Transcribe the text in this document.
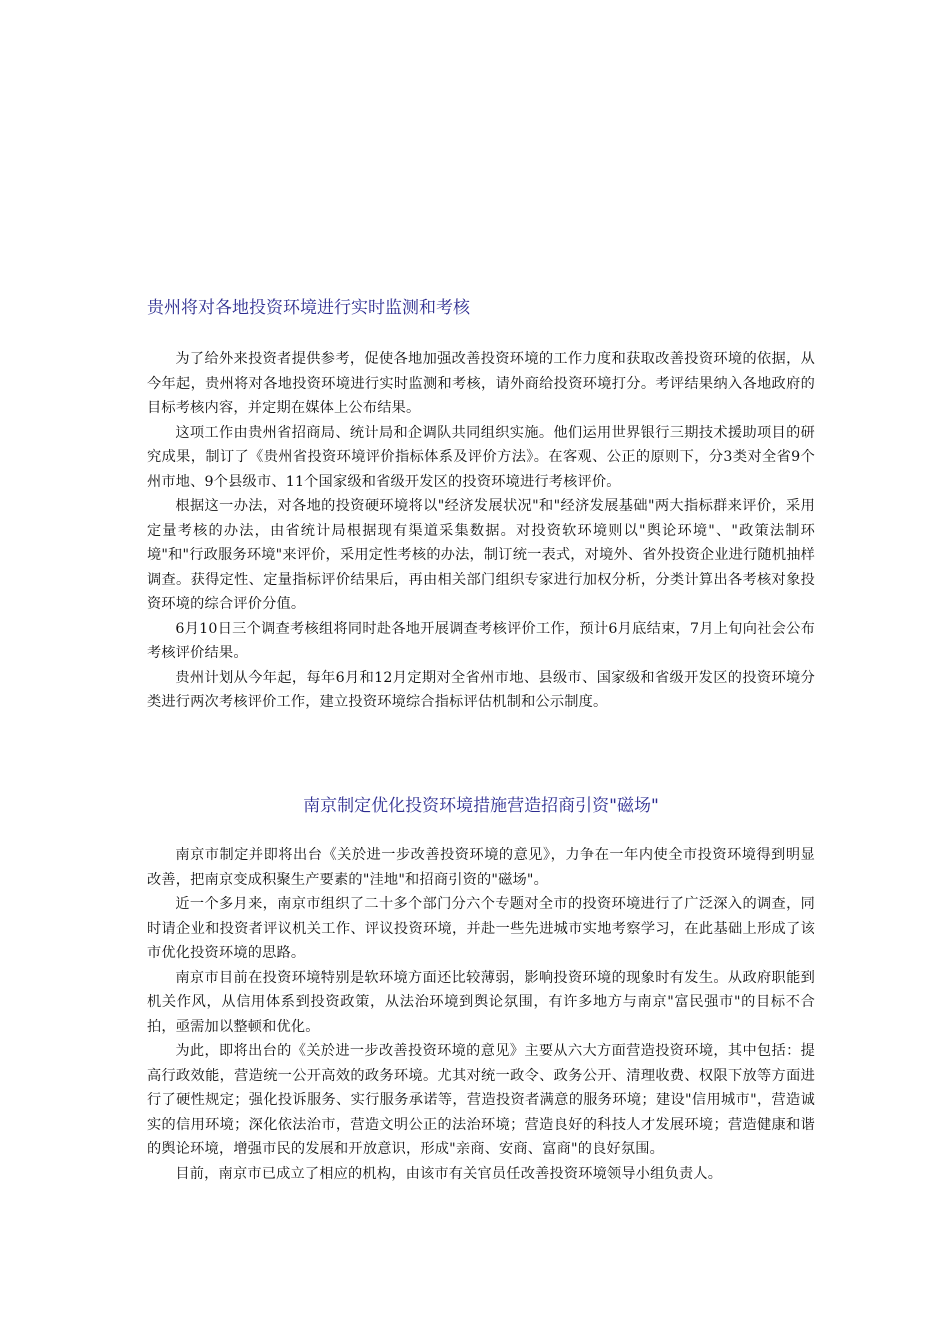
贵州将对各地投资环境进行实时监测和考核

为了给外来投资者提供参考，促使各地加强改善投资环境的工作力度和获取改善投资环境的依据，从今年起，贵州将对各地投资环境进行实时监测和考核，请外商给投资环境打分。考评结果纳入各地政府的目标考核内容，并定期在媒体上公布结果。

这项工作由贵州省招商局、统计局和企调队共同组织实施。他们运用世界银行三期技术援助项目的研究成果，制订了《贵州省投资环境评价指标体系及评价方法》。在客观、公正的原则下，分3类对全省9个州市地、9个县级市、11个国家级和省级开发区的投资环境进行考核评价。

根据这一办法，对各地的投资硬环境将以"经济发展状况"和"经济发展基础"两大指标群来评价，采用定量考核的办法，由省统计局根据现有渠道采集数据。对投资软环境则以"舆论环境"、"政策法制环境"和"行政服务环境"来评价，采用定性考核的办法，制订统一表式，对境外、省外投资企业进行随机抽样调查。获得定性、定量指标评价结果后，再由相关部门组织专家进行加权分析，分类计算出各考核对象投资环境的综合评价分值。

6月10日三个调查考核组将同时赴各地开展调查考核评价工作，预计6月底结束，7月上旬向社会公布考核评价结果。

贵州计划从今年起，每年6月和12月定期对全省州市地、县级市、国家级和省级开发区的投资环境分类进行两次考核评价工作，建立投资环境综合指标评估机制和公示制度。

南京制定优化投资环境措施营造招商引资"磁场"

南京市制定并即将出台《关於进一步改善投资环境的意见》，力争在一年内使全市投资环境得到明显改善，把南京变成积聚生产要素的"洼地"和招商引资的"磁场"。

近一个多月来，南京市组织了二十多个部门分六个专题对全市的投资环境进行了广泛深入的调查，同时请企业和投资者评议机关工作、评议投资环境，并赴一些先进城市实地考察学习，在此基础上形成了该市优化投资环境的思路。

南京市目前在投资环境特别是软环境方面还比较薄弱，影响投资环境的现象时有发生。从政府职能到机关作风，从信用体系到投资政策，从法治环境到舆论氛围，有许多地方与南京"富民强市"的目标不合拍，亟需加以整顿和优化。

为此，即将出台的《关於进一步改善投资环境的意见》主要从六大方面营造投资环境，其中包括：提高行政效能，营造统一公开高效的政务环境。尤其对统一政令、政务公开、清理收费、权限下放等方面进行了硬性规定；强化投诉服务、实行服务承诺等，营造投资者满意的服务环境；建设"信用城市"，营造诚实的信用环境；深化依法治市，营造文明公正的法治环境；营造良好的科技人才发展环境；营造健康和谐的舆论环境，增强市民的发展和开放意识，形成"亲商、安商、富商"的良好氛围。

目前，南京市已成立了相应的机构，由该市有关官员任改善投资环境领导小组负责人。
